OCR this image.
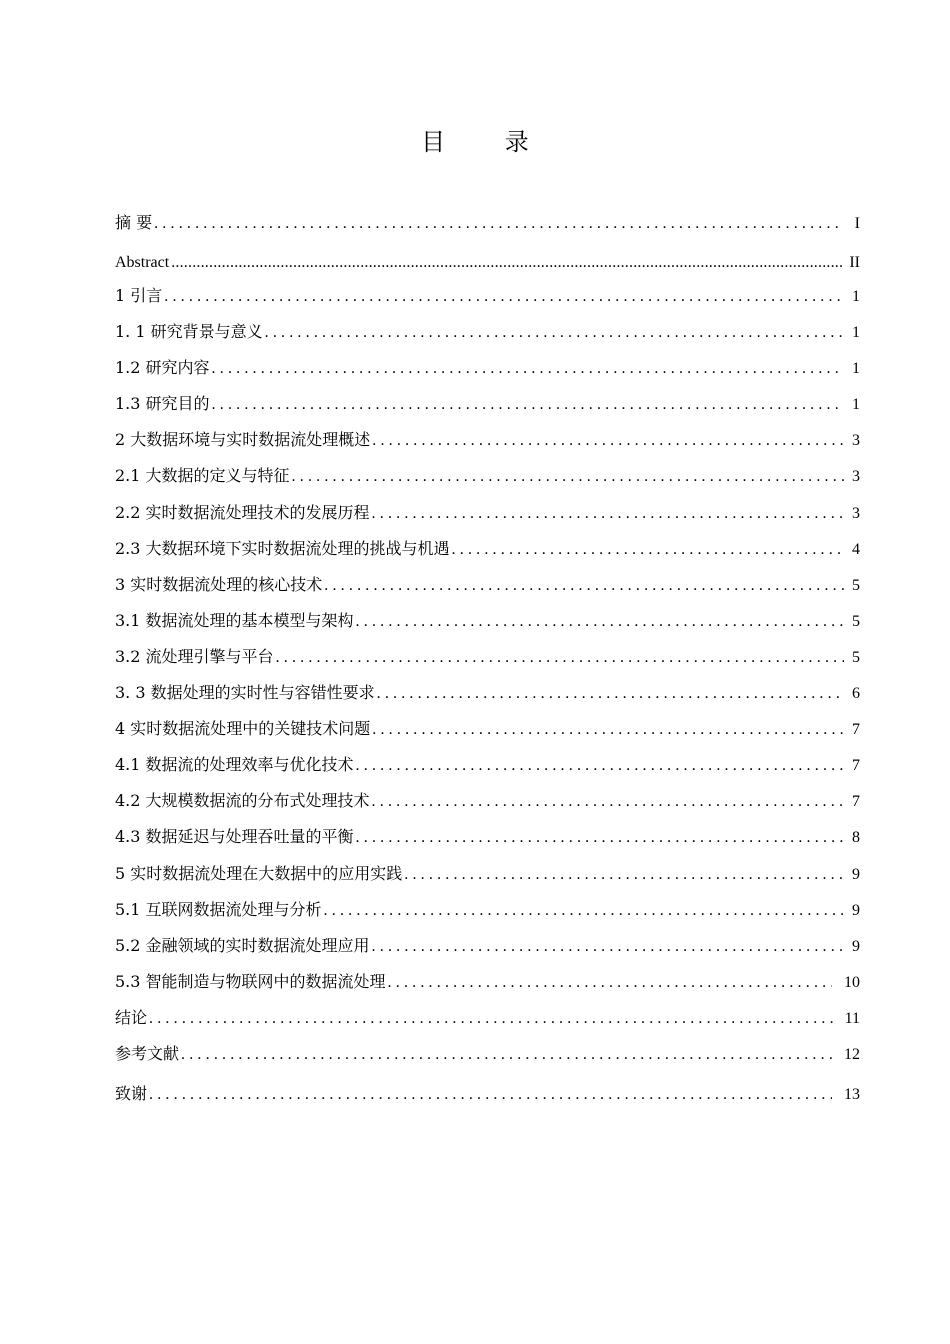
目 录
摘 要 .....	I
Abstract .....	II
1 引言 .....	1
1. 1 研究背景与意义 .....	1
1.2 研究内容 .....	1
1.3 研究目的 .....	1
2 大数据环境与实时数据流处理概述 .....	3
2.1 大数据的定义与特征 .....	3
2.2 实时数据流处理技术的发展历程 .....	3
2.3 大数据环境下实时数据流处理的挑战与机遇 .....	4
3 实时数据流处理的核心技术 .....	5
3.1 数据流处理的基本模型与架构 .....	5
3.2 流处理引擎与平台 .....	5
3. 3 数据处理的实时性与容错性要求 .....	6
4 实时数据流处理中的关键技术问题 .....	7
4.1 数据流的处理效率与优化技术 .....	7
4.2 大规模数据流的分布式处理技术 .....	7
4.3 数据延迟与处理吞吐量的平衡 .....	8
5 实时数据流处理在大数据中的应用实践 .....	9
5.1 互联网数据流处理与分析 .....	9
5.2 金融领域的实时数据流处理应用 .....	9
5.3 智能制造与物联网中的数据流处理 .....	10
结论 .....	11
参考文献 .....	12
致谢 .....	13
